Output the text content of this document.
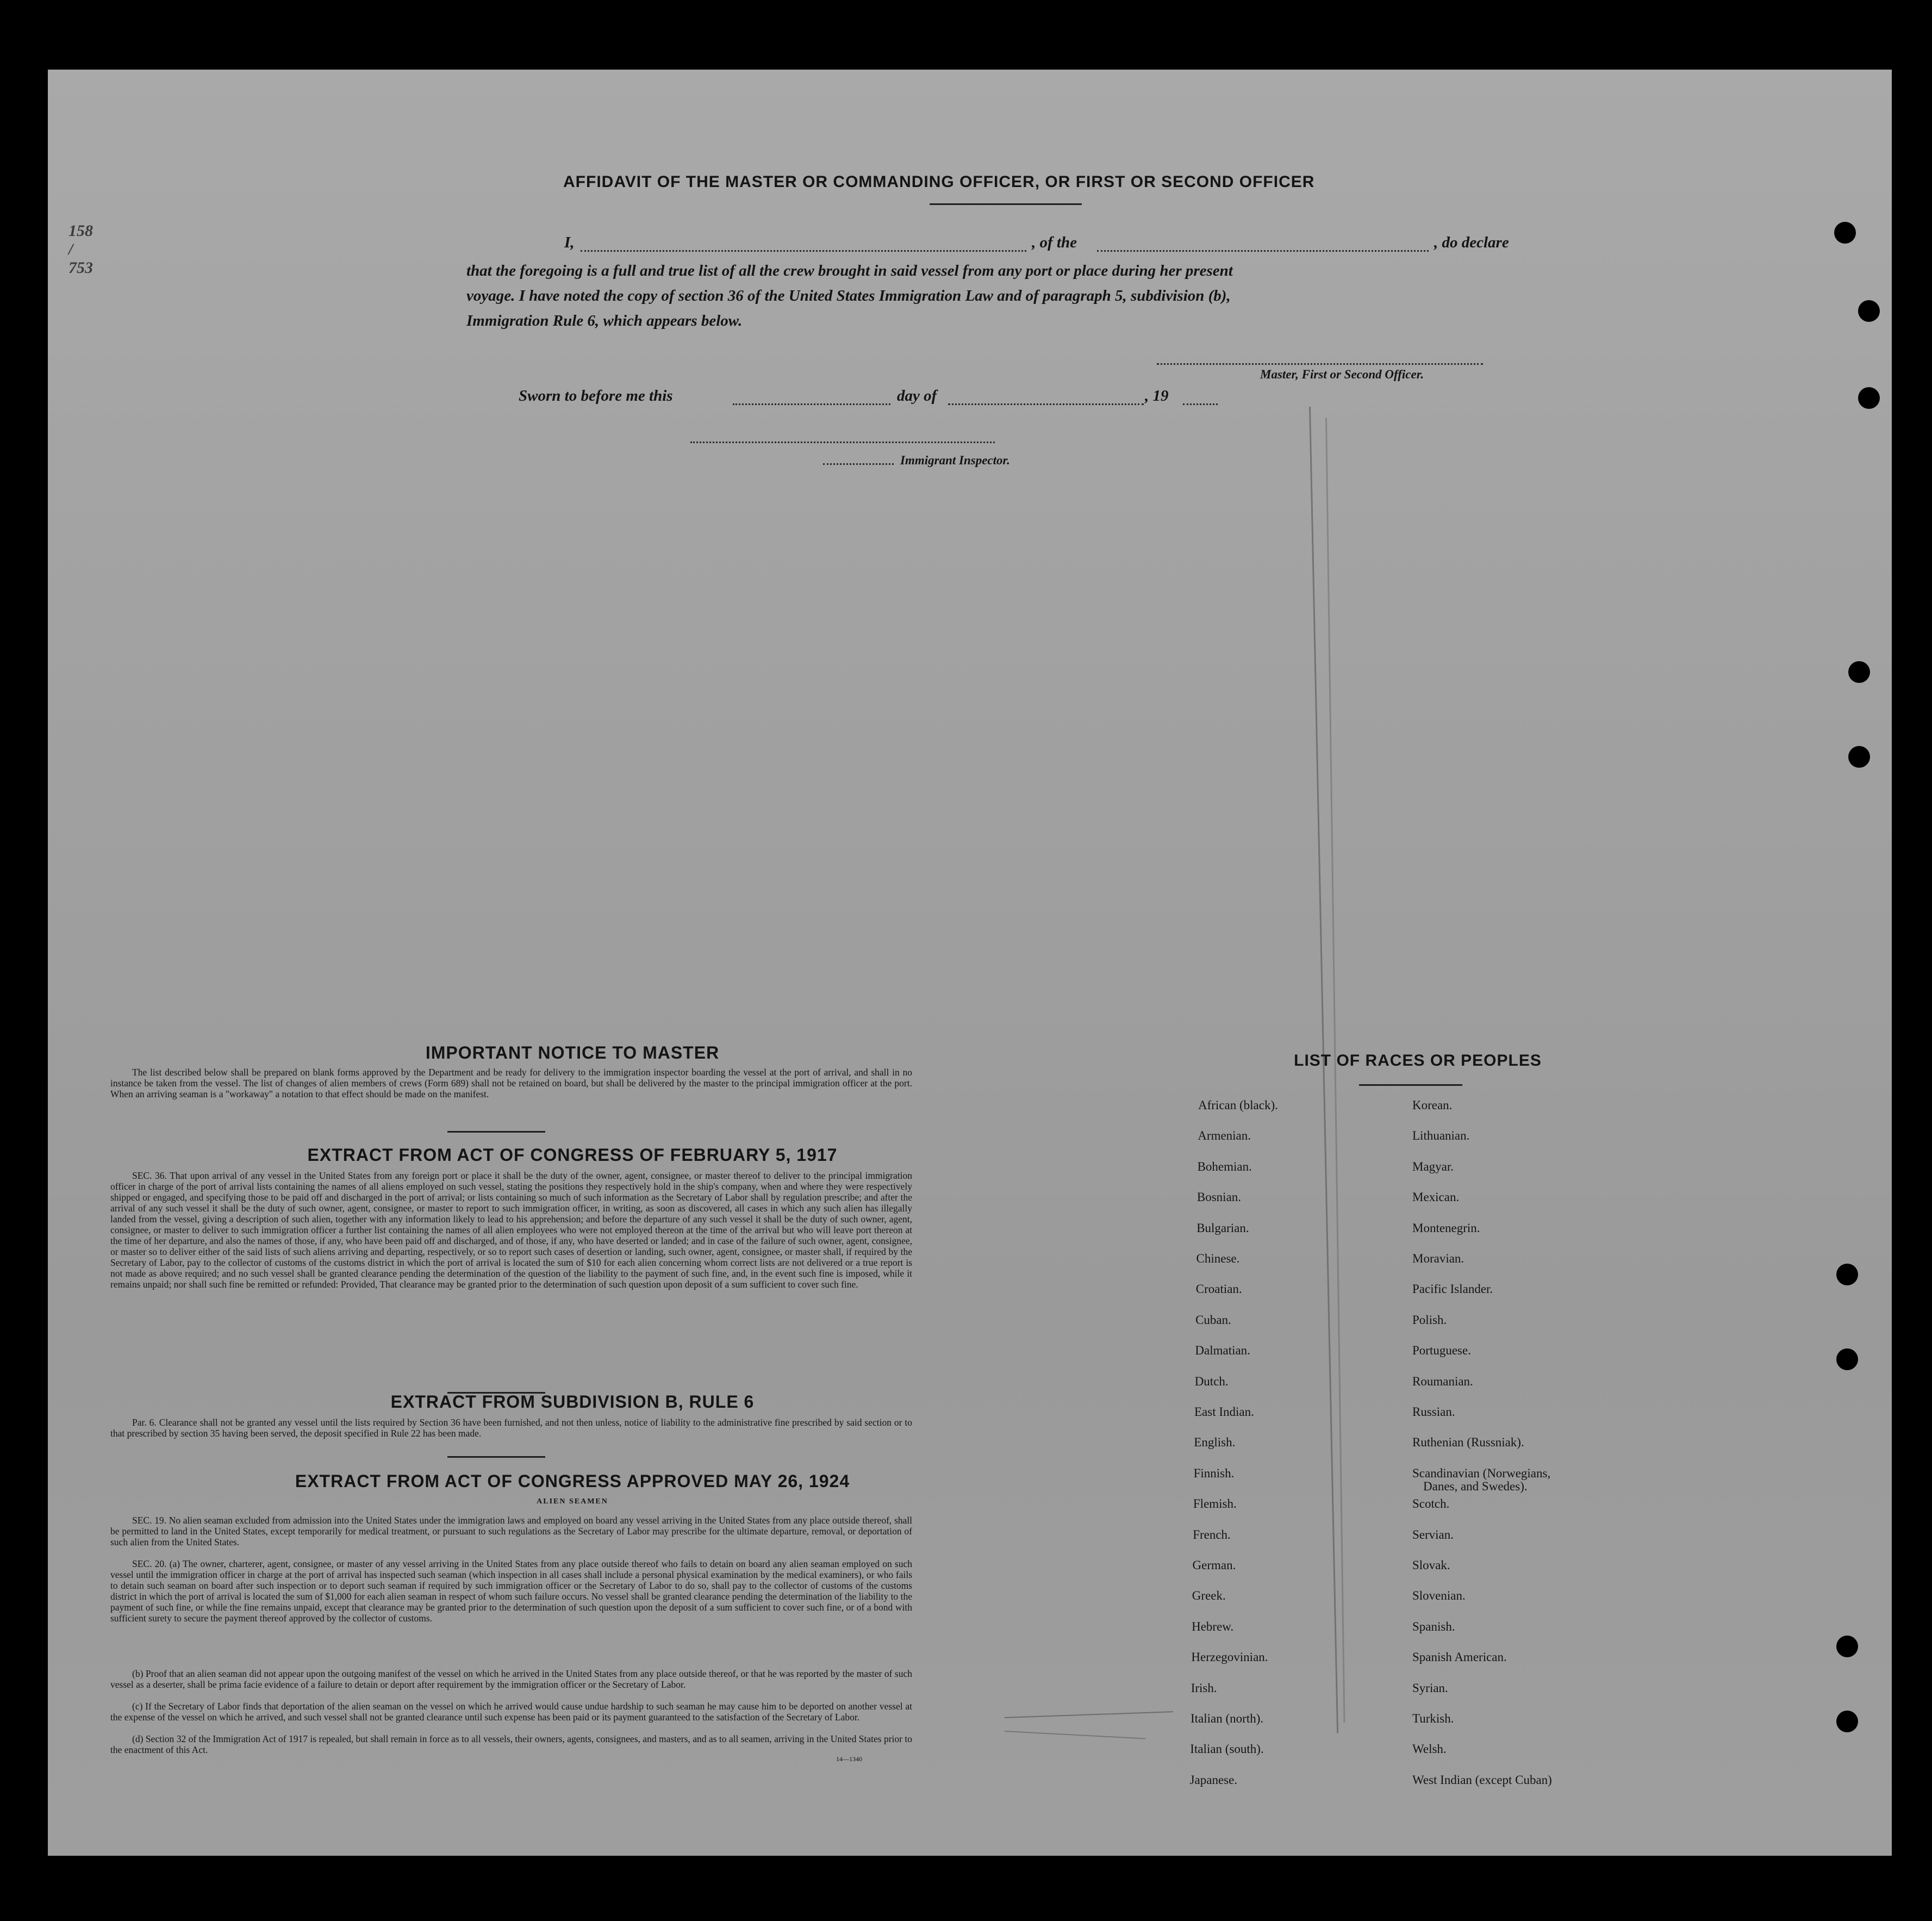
158 / 753
AFFIDAVIT OF THE MASTER OR COMMANDING OFFICER, OR FIRST OR SECOND OFFICER
I,	, of the	, do declare
that the foregoing is a full and true list of all the crew brought in said vessel from any port or place during her present
voyage. I have noted the copy of section 36 of the United States Immigration Law and of paragraph 5, subdivision (b),
Immigration Rule 6, which appears below.
Master, First or Second Officer.
Sworn to before me this	day of	, 19
Immigrant Inspector.
IMPORTANT NOTICE TO MASTER
The list described below shall be prepared on blank forms approved by the Department and be ready for delivery to the immigration inspector boarding the vessel at the port of arrival, and shall in no instance be taken from the vessel. The list of changes of alien members of crews (Form 689) shall not be retained on board, but shall be delivered by the master to the principal immigration officer at the port. When an arriving seaman is a "workaway" a notation to that effect should be made on the manifest.
EXTRACT FROM ACT OF CONGRESS OF FEBRUARY 5, 1917
SEC. 36. That upon arrival of any vessel in the United States from any foreign port or place it shall be the duty of the owner, agent, consignee, or master thereof to deliver to the principal immigration officer in charge of the port of arrival lists containing the names of all aliens employed on such vessel, stating the positions they respectively hold in the ship's company, when and where they were respectively shipped or engaged, and specifying those to be paid off and discharged in the port of arrival; or lists containing so much of such information as the Secretary of Labor shall by regulation prescribe; and after the arrival of any such vessel it shall be the duty of such owner, agent, consignee, or master to report to such immigration officer, in writing, as soon as discovered, all cases in which any such alien has illegally landed from the vessel, giving a description of such alien, together with any information likely to lead to his apprehension; and before the departure of any such vessel it shall be the duty of such owner, agent, consignee, or master to deliver to such immigration officer a further list containing the names of all alien employees who were not employed thereon at the time of the arrival but who will leave port thereon at the time of her departure, and also the names of those, if any, who have been paid off and discharged, and of those, if any, who have deserted or landed; and in case of the failure of such owner, agent, consignee, or master so to deliver either of the said lists of such aliens arriving and departing, respectively, or so to report such cases of desertion or landing, such owner, agent, consignee, or master shall, if required by the Secretary of Labor, pay to the collector of customs of the customs district in which the port of arrival is located the sum of $10 for each alien concerning whom correct lists are not delivered or a true report is not made as above required; and no such vessel shall be granted clearance pending the determination of the question of the liability to the payment of such fine, and, in the event such fine is imposed, while it remains unpaid; nor shall such fine be remitted or refunded: Provided, That clearance may be granted prior to the determination of such question upon deposit of a sum sufficient to cover such fine.
EXTRACT FROM SUBDIVISION B, RULE 6
Par. 6. Clearance shall not be granted any vessel until the lists required by Section 36 have been furnished, and not then unless, notice of liability to the administrative fine prescribed by said section or to that prescribed by section 35 having been served, the deposit specified in Rule 22 has been made.
EXTRACT FROM ACT OF CONGRESS APPROVED MAY 26, 1924
ALIEN SEAMEN
SEC. 19. No alien seaman excluded from admission into the United States under the immigration laws and employed on board any vessel arriving in the United States from any place outside thereof, shall be permitted to land in the United States, except temporarily for medical treatment, or pursuant to such regulations as the Secretary of Labor may prescribe for the ultimate departure, removal, or deportation of such alien from the United States.
SEC. 20. (a) The owner, charterer, agent, consignee, or master of any vessel arriving in the United States from any place outside thereof who fails to detain on board any alien seaman employed on such vessel until the immigration officer in charge at the port of arrival has inspected such seaman (which inspection in all cases shall include a personal physical examination by the medical examiners), or who fails to detain such seaman on board after such inspection or to deport such seaman if required by such immigration officer or the Secretary of Labor to do so, shall pay to the collector of customs of the customs district in which the port of arrival is located the sum of $1,000 for each alien seaman in respect of whom such failure occurs. No vessel shall be granted clearance pending the determination of the liability to the payment of such fine, or while the fine remains unpaid, except that clearance may be granted prior to the determination of such question upon the deposit of a sum sufficient to cover such fine, or of a bond with sufficient surety to secure the payment thereof approved by the collector of customs.
(b) Proof that an alien seaman did not appear upon the outgoing manifest of the vessel on which he arrived in the United States from any place outside thereof, or that he was reported by the master of such vessel as a deserter, shall be prima facie evidence of a failure to detain or deport after requirement by the immigration officer or the Secretary of Labor.
(c) If the Secretary of Labor finds that deportation of the alien seaman on the vessel on which he arrived would cause undue hardship to such seaman he may cause him to be deported on another vessel at the expense of the vessel on which he arrived, and such vessel shall not be granted clearance until such expense has been paid or its payment guaranteed to the satisfaction of the Secretary of Labor.
(d) Section 32 of the Immigration Act of 1917 is repealed, but shall remain in force as to all vessels, their owners, agents, consignees, and masters, and as to all seamen, arriving in the United States prior to the enactment of this Act.
14—1340
LIST OF RACES OR PEOPLES
African (black).
Armenian.
Bohemian.
Bosnian.
Bulgarian.
Chinese.
Croatian.
Cuban.
Dalmatian.
Dutch.
East Indian.
English.
Finnish.
Flemish.
French.
German.
Greek.
Hebrew.
Herzegovinian.
Irish.
Italian (north).
Italian (south).
Japanese.
Korean.
Lithuanian.
Magyar.
Mexican.
Montenegrin.
Moravian.
Pacific Islander.
Polish.
Portuguese.
Roumanian.
Russian.
Ruthenian (Russniak).
Scandinavian (Norwegians,
Danes, and Swedes).
Scotch.
Servian.
Slovak.
Slovenian.
Spanish.
Spanish American.
Syrian.
Turkish.
Welsh.
West Indian (except Cuban)
